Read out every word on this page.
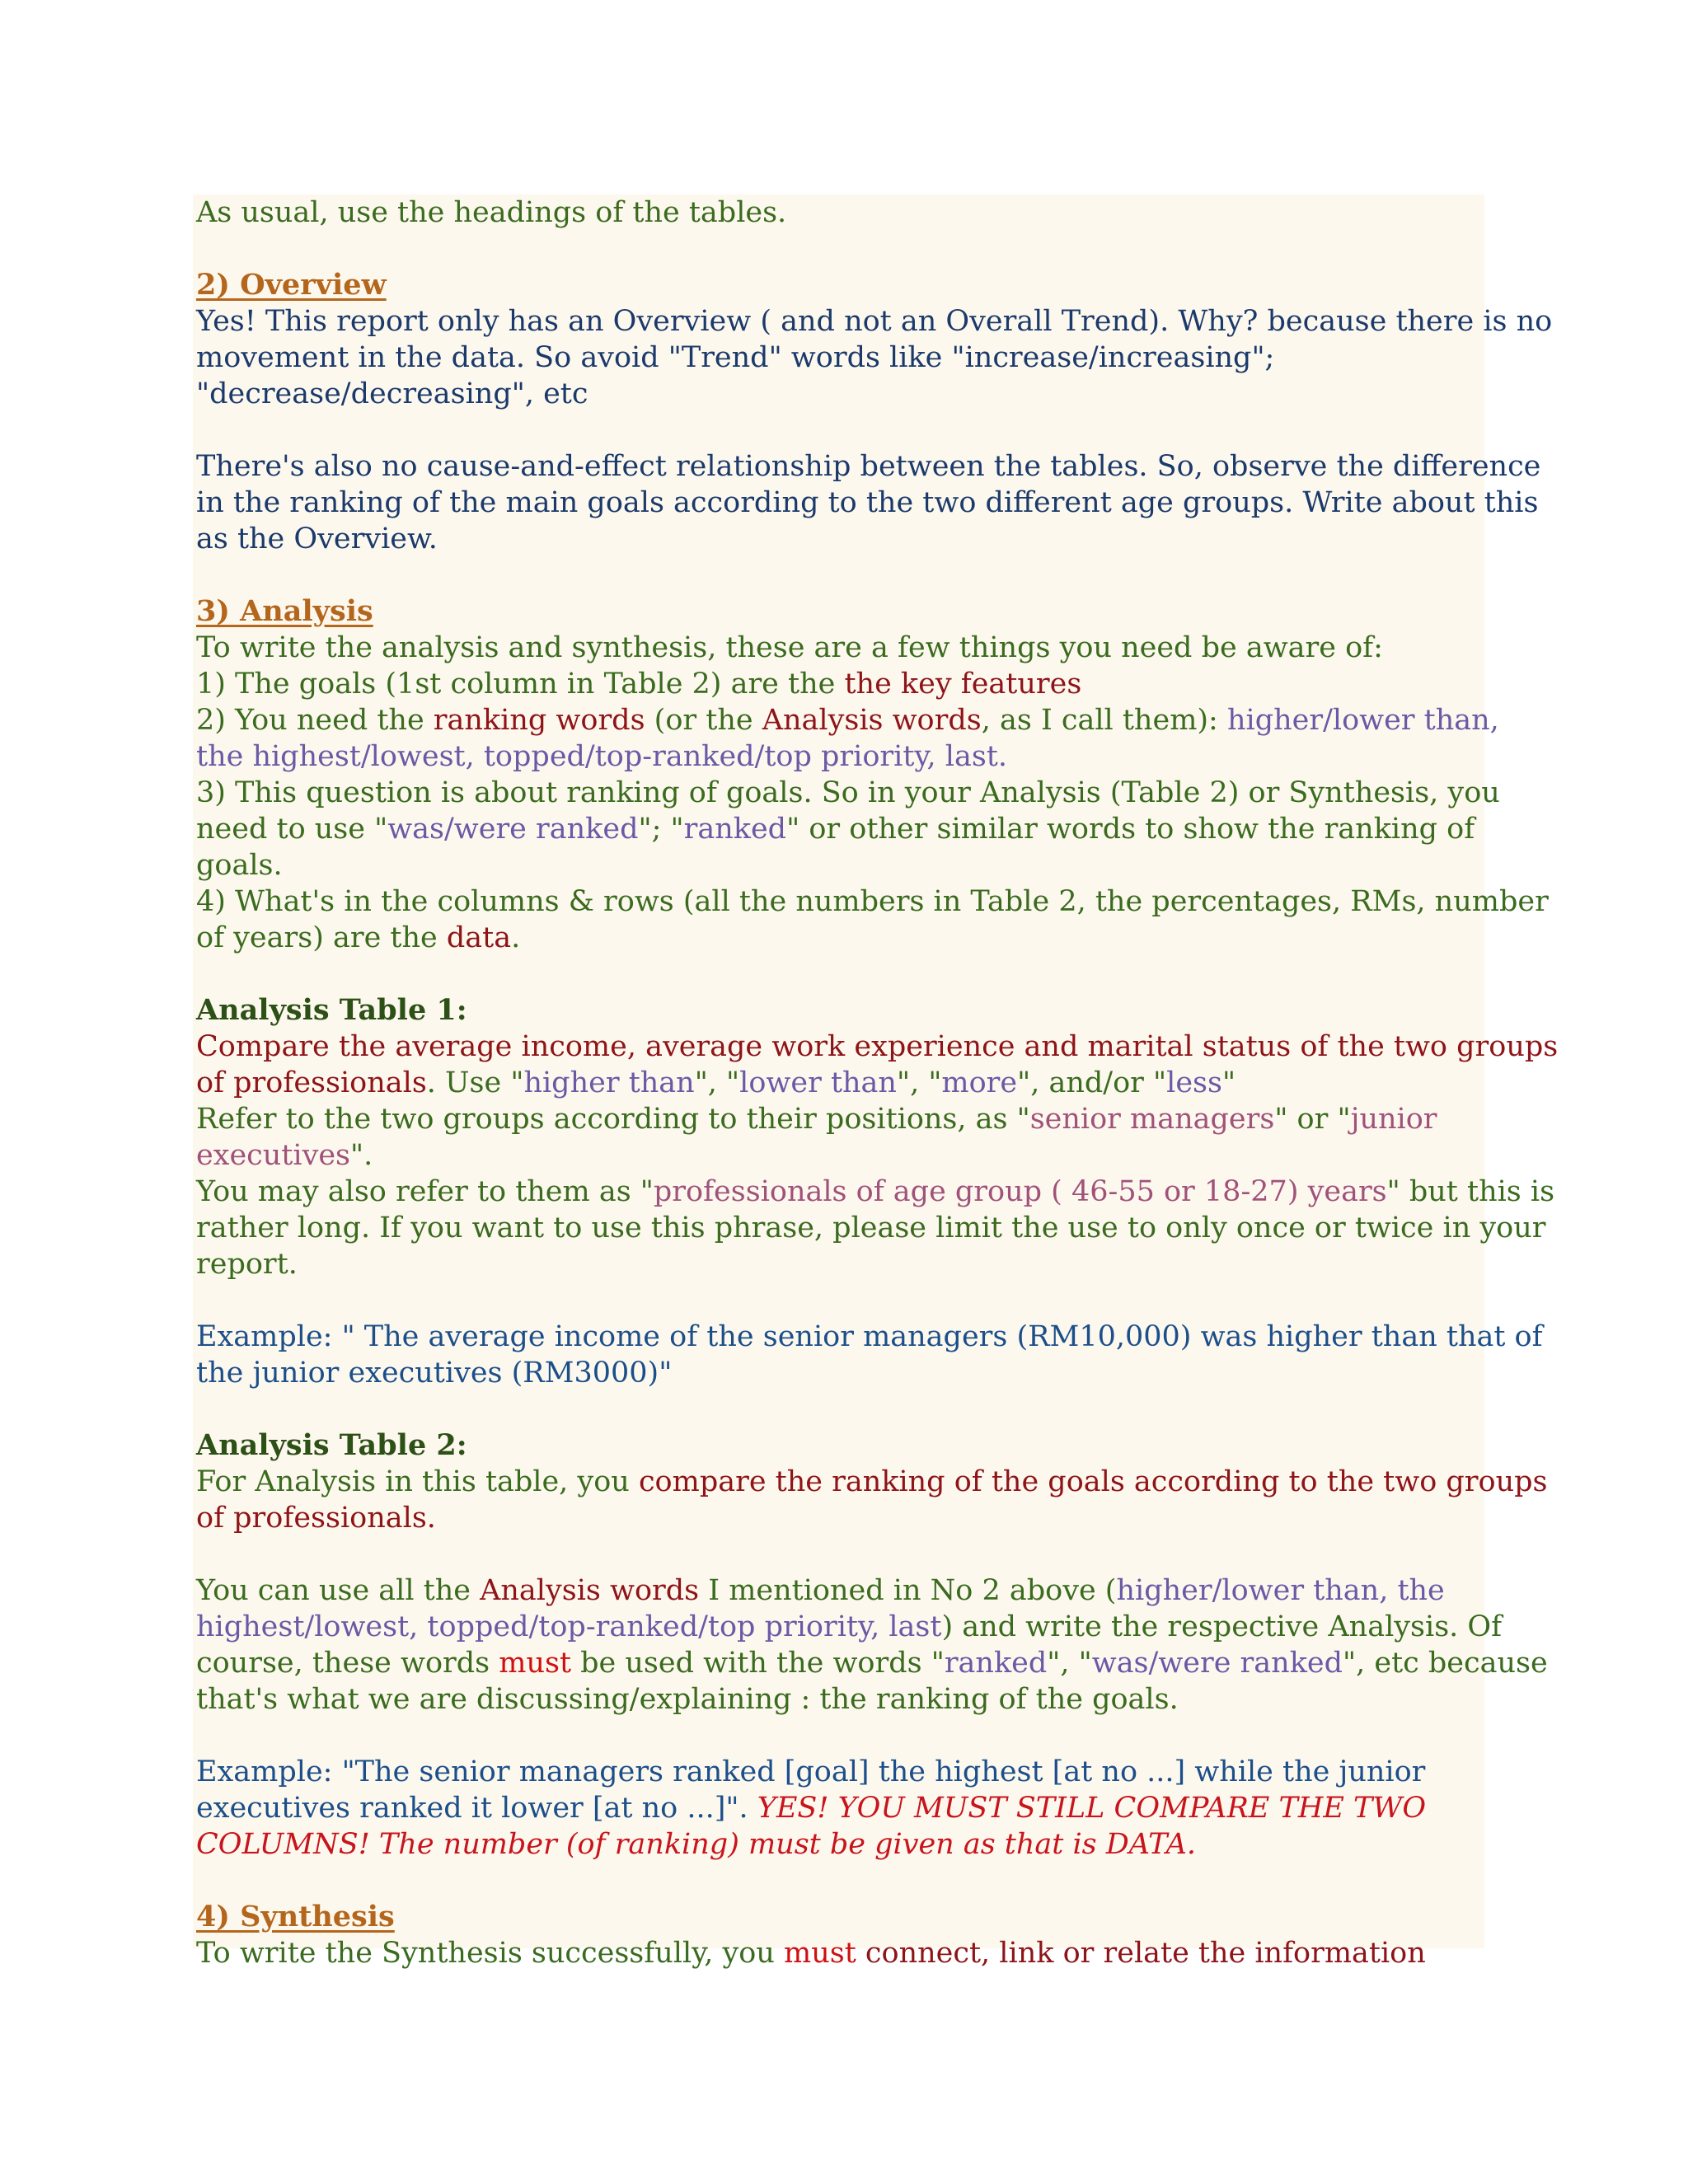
As usual, use the headings of the tables.
2) Overview
Yes! This report only has an Overview ( and not an Overall Trend). Why? because there is no
movement in the data. So avoid "Trend" words like "increase/increasing";
"decrease/decreasing", etc
There's also no cause-and-effect relationship between the tables. So, observe the difference
in the ranking of the main goals according to the two different age groups. Write about this
as the Overview.
3) Analysis
To write the analysis and synthesis, these are a few things you need be aware of:
1) The goals (1st column in Table 2) are the the key features
2) You need the ranking words (or the Analysis words, as I call them): higher/lower than,
the highest/lowest, topped/top-ranked/top priority, last.
3) This question is about ranking of goals. So in your Analysis (Table 2) or Synthesis, you
need to use "was/were ranked"; "ranked" or other similar words to show the ranking of
goals.
4) What's in the columns & rows (all the numbers in Table 2, the percentages, RMs, number
of years) are the data.
Analysis Table 1:
Compare the average income, average work experience and marital status of the two groups
of professionals. Use "higher than", "lower than", "more", and/or "less"
Refer to the two groups according to their positions, as "senior managers" or "junior
executives".
You may also refer to them as "professionals of age group ( 46-55 or 18-27) years" but this is
rather long. If you want to use this phrase, please limit the use to only once or twice in your
report.
Example: " The average income of the senior managers (RM10,000) was higher than that of
the junior executives (RM3000)"
Analysis Table 2:
For Analysis in this table, you compare the ranking of the goals according to the two groups
of professionals.
You can use all the Analysis words I mentioned in No 2 above (higher/lower than, the
highest/lowest, topped/top-ranked/top priority, last) and write the respective Analysis. Of
course, these words must be used with the words "ranked", "was/were ranked", etc because
that's what we are discussing/explaining : the ranking of the goals.
Example: "The senior managers ranked [goal] the highest [at no ...] while the junior
executives ranked it lower [at no ...]". YES! YOU MUST STILL COMPARE THE TWO
COLUMNS! The number (of ranking) must be given as that is DATA.
4) Synthesis
To write the Synthesis successfully, you must connect, link or relate the information
